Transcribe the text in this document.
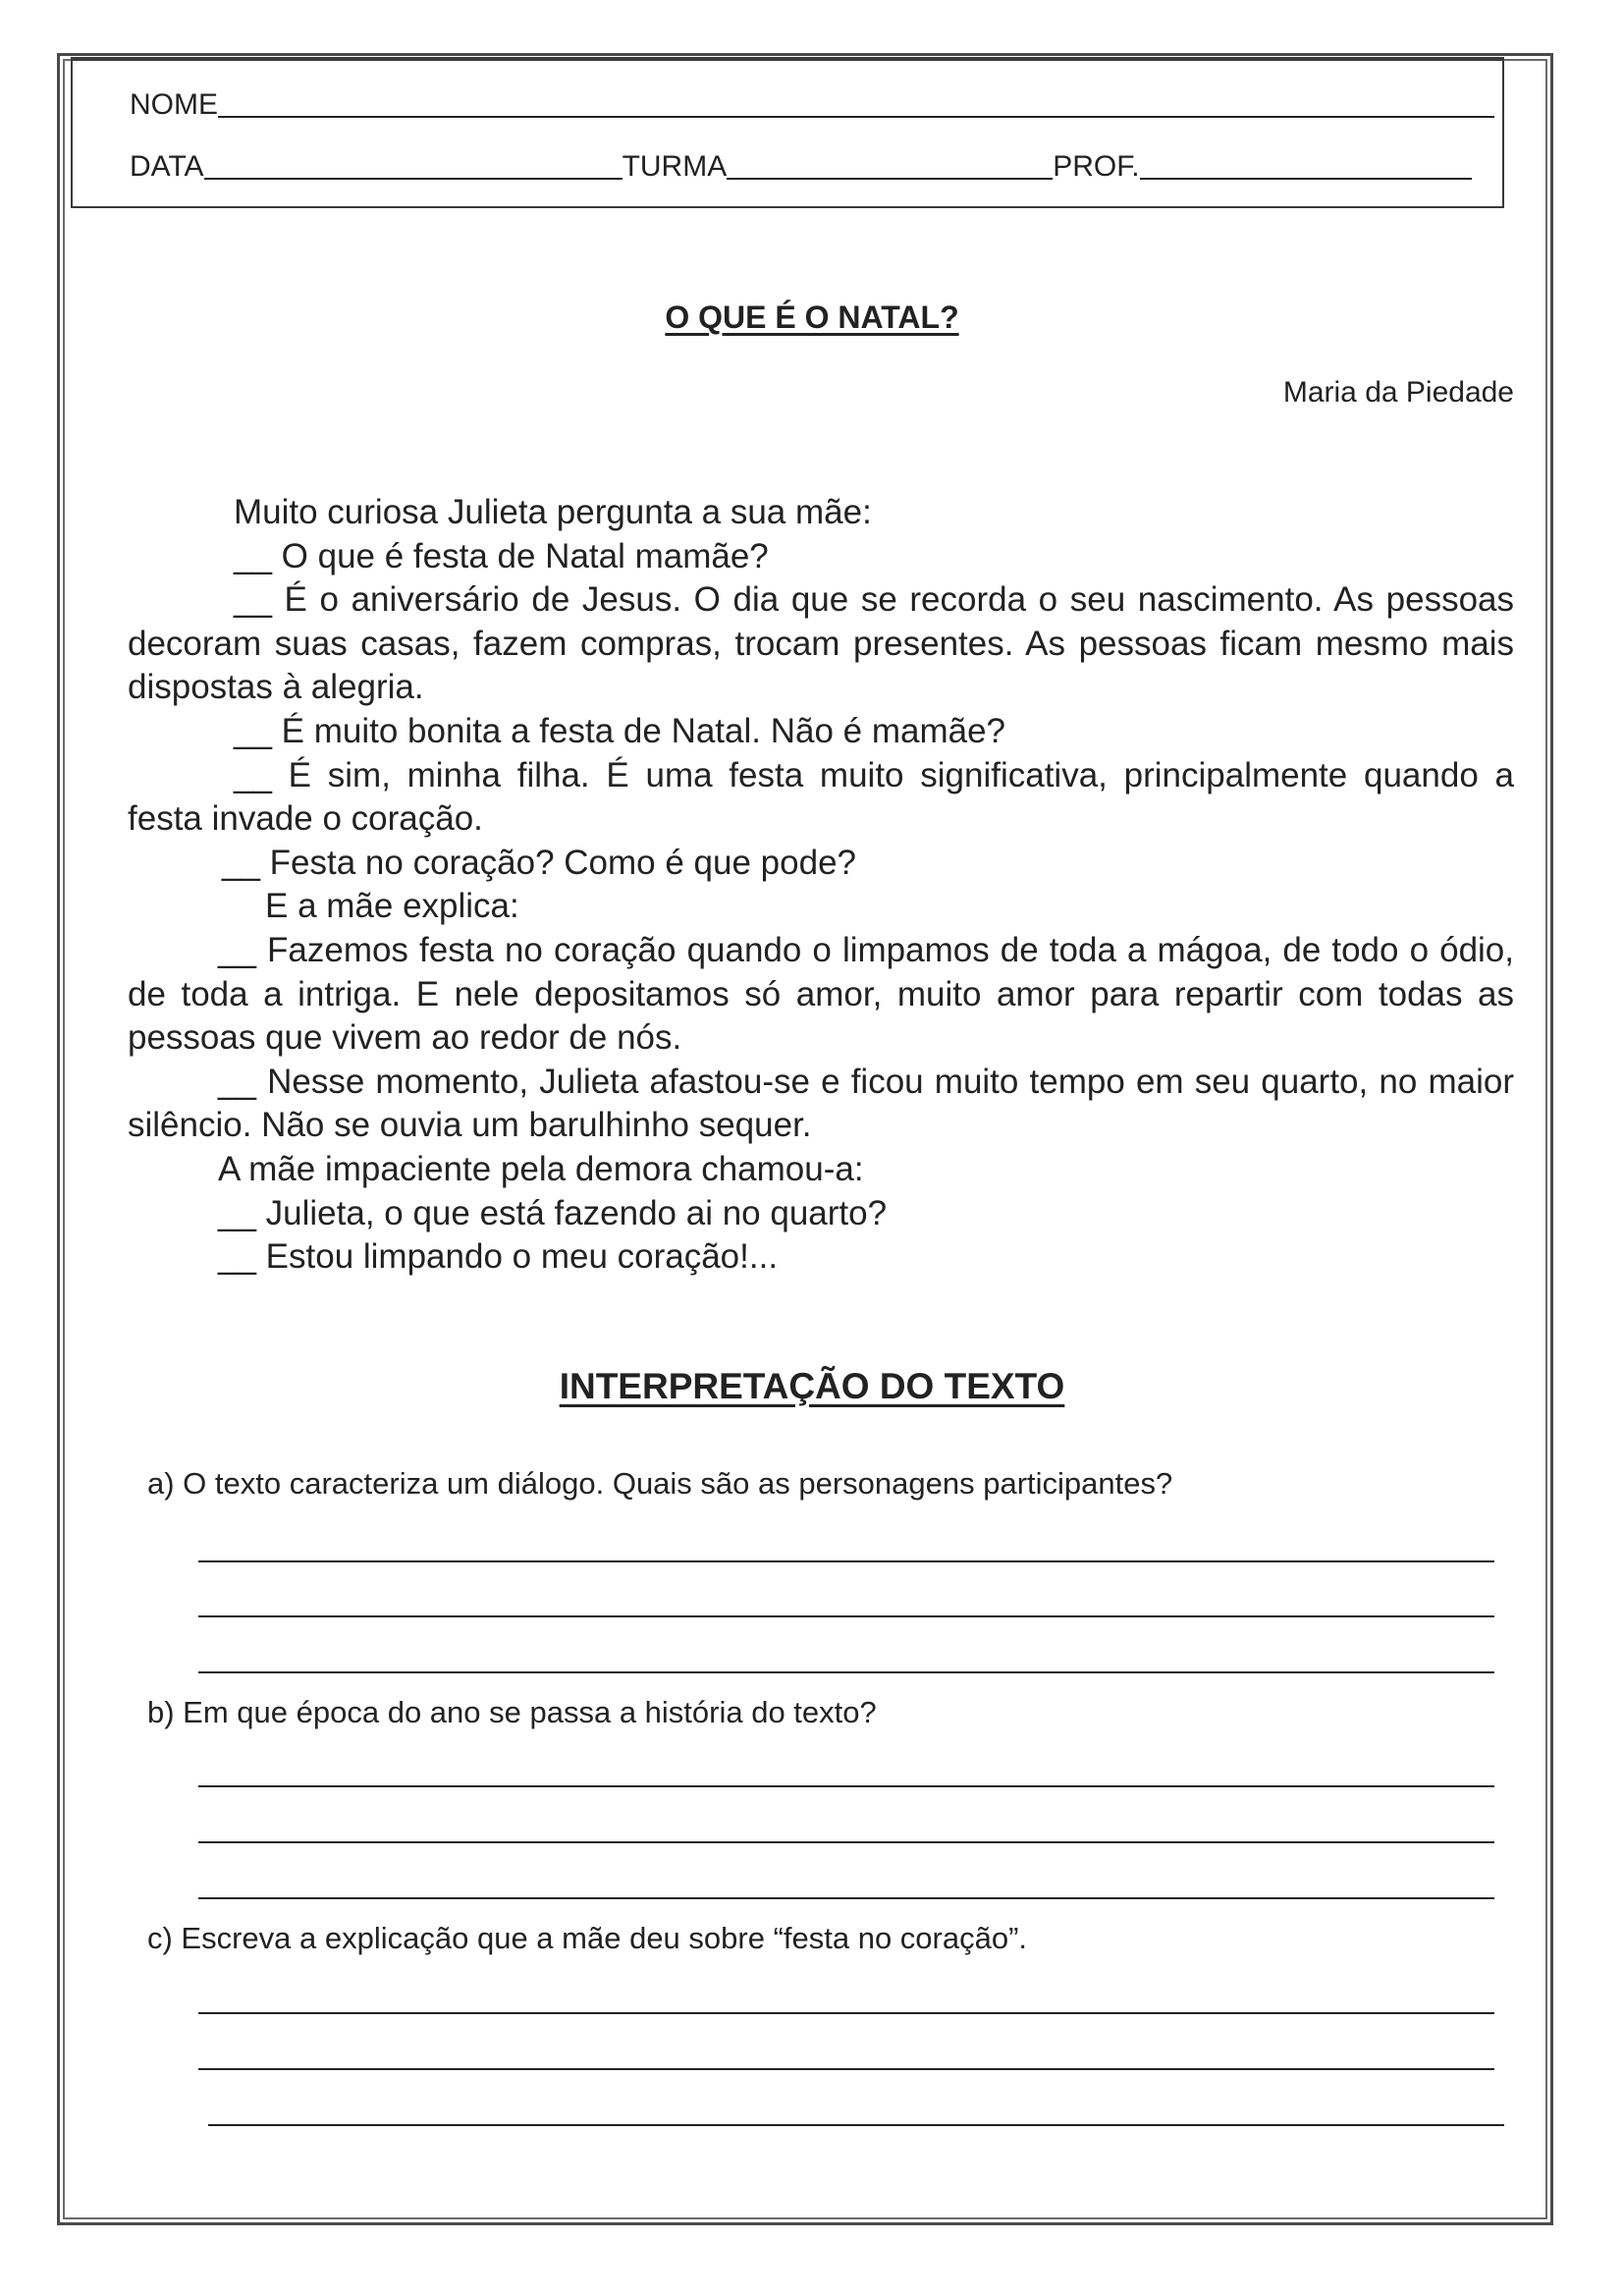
NOME
DATA	TURMA	PROF.
O QUE É O NATAL?
Maria da Piedade

Muito curiosa Julieta pergunta a sua mãe:

__ O que é festa de Natal mamãe?

__ É o aniversário de Jesus. O dia que se recorda o seu nascimento. As pessoas decoram suas casas, fazem compras, trocam presentes. As pessoas ficam mesmo mais dispostas à alegria.

__ É muito bonita a festa de Natal. Não é mamãe?

__ É sim, minha filha. É uma festa muito significativa, principalmente quando a festa invade o coração.

__ Festa no coração? Como é que pode?

E a mãe explica:

__ Fazemos festa no coração quando o limpamos de toda a mágoa, de todo o ódio, de toda a intriga. E nele depositamos só amor, muito amor para repartir com todas as pessoas que vivem ao redor de nós.

__ Nesse momento, Julieta afastou-se e ficou muito tempo em seu quarto, no maior silêncio. Não se ouvia um barulhinho sequer.

A mãe impaciente pela demora chamou-a:

__ Julieta, o que está fazendo ai no quarto?

__ Estou limpando o meu coração!...

INTERPRETAÇÃO DO TEXTO
a) O texto caracteriza um diálogo. Quais são as personagens participantes?
b) Em que época do ano se passa a história do texto?
c) Escreva a explicação que a mãe deu sobre “festa no coração”.
